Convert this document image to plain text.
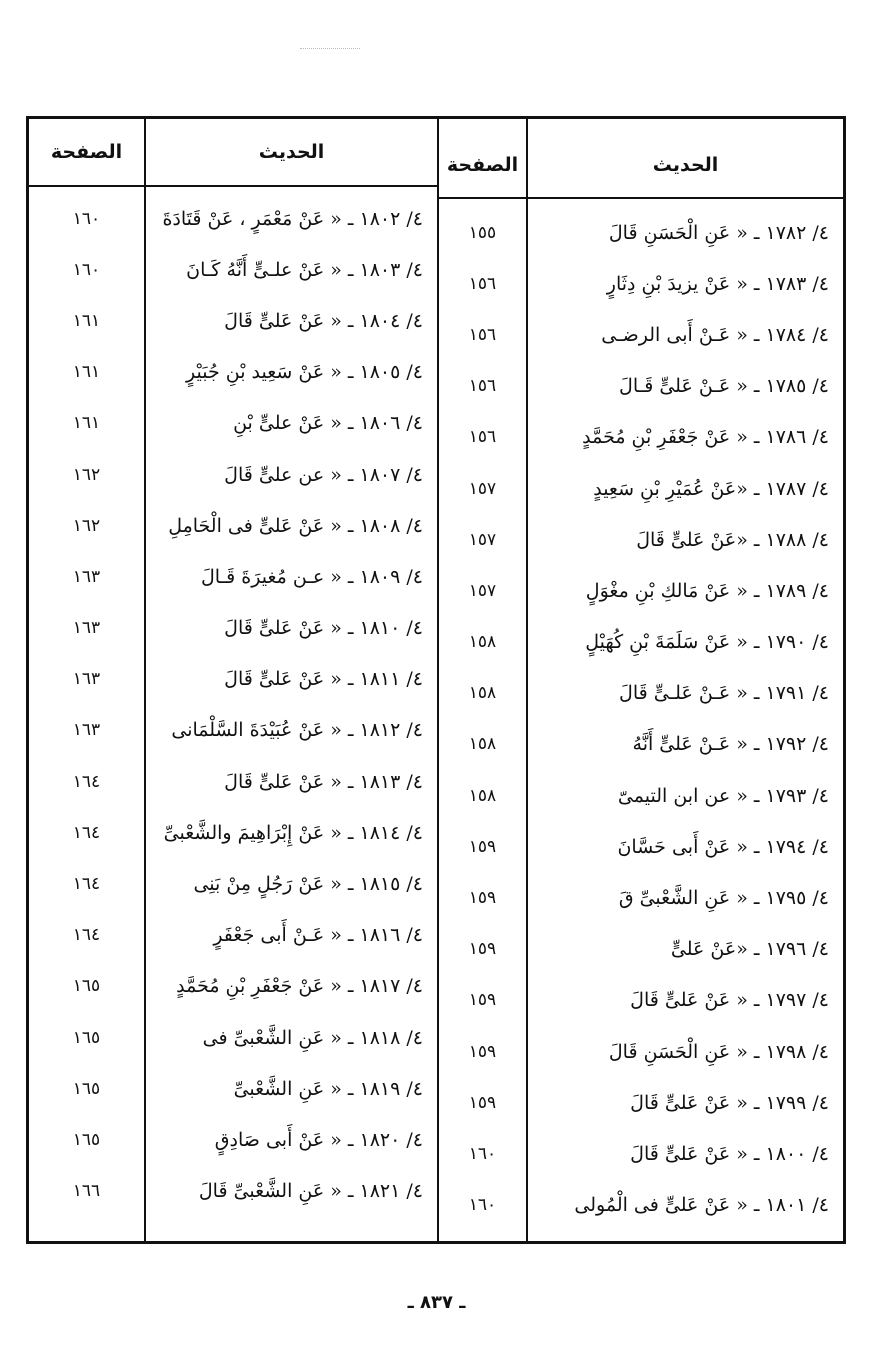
الحديث
٤/ ١٧٨٢ ـ « عَنِ الْحَسَنِ قَالَ
٤/ ١٧٨٣ ـ « عَنْ يزيدَ بْنِ دِثَارٍ
٤/ ١٧٨٤ ـ « عَـنْ أَبى الرضـى
٤/ ١٧٨٥ ـ « عَـنْ عَلىٍّ قَـالَ
٤/ ١٧٨٦ ـ « عَنْ جَعْفَرِ بْنِ مُحَمَّدٍ
٤/ ١٧٨٧ ـ «عَنْ عُمَيْرِ بْنِ سَعِيدٍ
٤/ ١٧٨٨ ـ «عَنْ عَلىٍّ قَالَ
٤/ ١٧٨٩ ـ « عَنْ مَالكِ بْنِ مغْوَلٍ
٤/ ١٧٩٠ ـ « عَنْ سَلَمَةَ بْنِ كُهَيْلٍ
٤/ ١٧٩١ ـ « عَـنْ عَلـىٍّ قَالَ
٤/ ١٧٩٢ ـ « عَـنْ عَلىٍّ أَنَّهُ
٤/ ١٧٩٣ ـ « عن ابن التيمىّ
٤/ ١٧٩٤ ـ « عَنْ أَبى حَسَّانَ
٤/ ١٧٩٥ ـ « عَنِ الشَّعْبىِّ قَ
٤/ ١٧٩٦ ـ «عَنْ عَلىٍّ
٤/ ١٧٩٧ ـ « عَنْ عَلىٍّ قَالَ
٤/ ١٧٩٨ ـ « عَنِ الْحَسَنِ قَالَ
٤/ ١٧٩٩ ـ « عَنْ عَلىٍّ قَالَ
٤/ ١٨٠٠ ـ « عَنْ عَلىٍّ قَالَ
٤/ ١٨٠١ ـ « عَنْ عَلىٍّ فى الْمُولى
الصفحة
١٥٥
١٥٦
١٥٦
١٥٦
١٥٦
١٥٧
١٥٧
١٥٧
١٥٨
١٥٨
١٥٨
١٥٨
١٥٩
١٥٩
١٥٩
١٥٩
١٥٩
١٥٩
١٦٠
١٦٠
الحديث
٤/ ١٨٠٢ ـ « عَنْ مَعْمَرٍ ، عَنْ قَتَادَةَ
٤/ ١٨٠٣ ـ « عَنْ علـىٍّ أَنَّهُ كَـانَ
٤/ ١٨٠٤ ـ « عَنْ عَلىٍّ قَالَ
٤/ ١٨٠٥ ـ « عَنْ سَعِيد بْنِ جُبَيْرٍ
٤/ ١٨٠٦ ـ « عَنْ علىٍّ بْنِ
٤/ ١٨٠٧ ـ « عن علىٍّ قَالَ
٤/ ١٨٠٨ ـ « عَنْ عَلىٍّ فى الْحَامِلِ
٤/ ١٨٠٩ ـ « عـن مُغيرَةَ قَـالَ
٤/ ١٨١٠ ـ « عَنْ عَلىٍّ قَالَ
٤/ ١٨١١ ـ « عَنْ عَلىٍّ قَالَ
٤/ ١٨١٢ ـ « عَنْ عُبَيْدَةَ السَّلْمَانى
٤/ ١٨١٣ ـ « عَنْ عَلىٍّ قَالَ
٤/ ١٨١٤ ـ « عَنْ إِبْرَاهِيمَ والشَّعْبىِّ
٤/ ١٨١٥ ـ « عَنْ رَجُلٍ مِنْ بَنِى
٤/ ١٨١٦ ـ « عَـنْ أَبى جَعْفَرٍ
٤/ ١٨١٧ ـ « عَنْ جَعْفَرِ بْنِ مُحَمَّدٍ
٤/ ١٨١٨ ـ « عَنِ الشَّعْبىِّ فى
٤/ ١٨١٩ ـ « عَنِ الشَّعْبىِّ
٤/ ١٨٢٠ ـ « عَنْ أَبى صَادِقٍ
٤/ ١٨٢١ ـ « عَنِ الشَّعْبىِّ قَالَ
الصفحة
١٦٠
١٦٠
١٦١
١٦١
١٦١
١٦٢
١٦٢
١٦٣
١٦٣
١٦٣
١٦٣
١٦٤
١٦٤
١٦٤
١٦٤
١٦٥
١٦٥
١٦٥
١٦٥
١٦٦
ـ ٨٣٧ ـ
